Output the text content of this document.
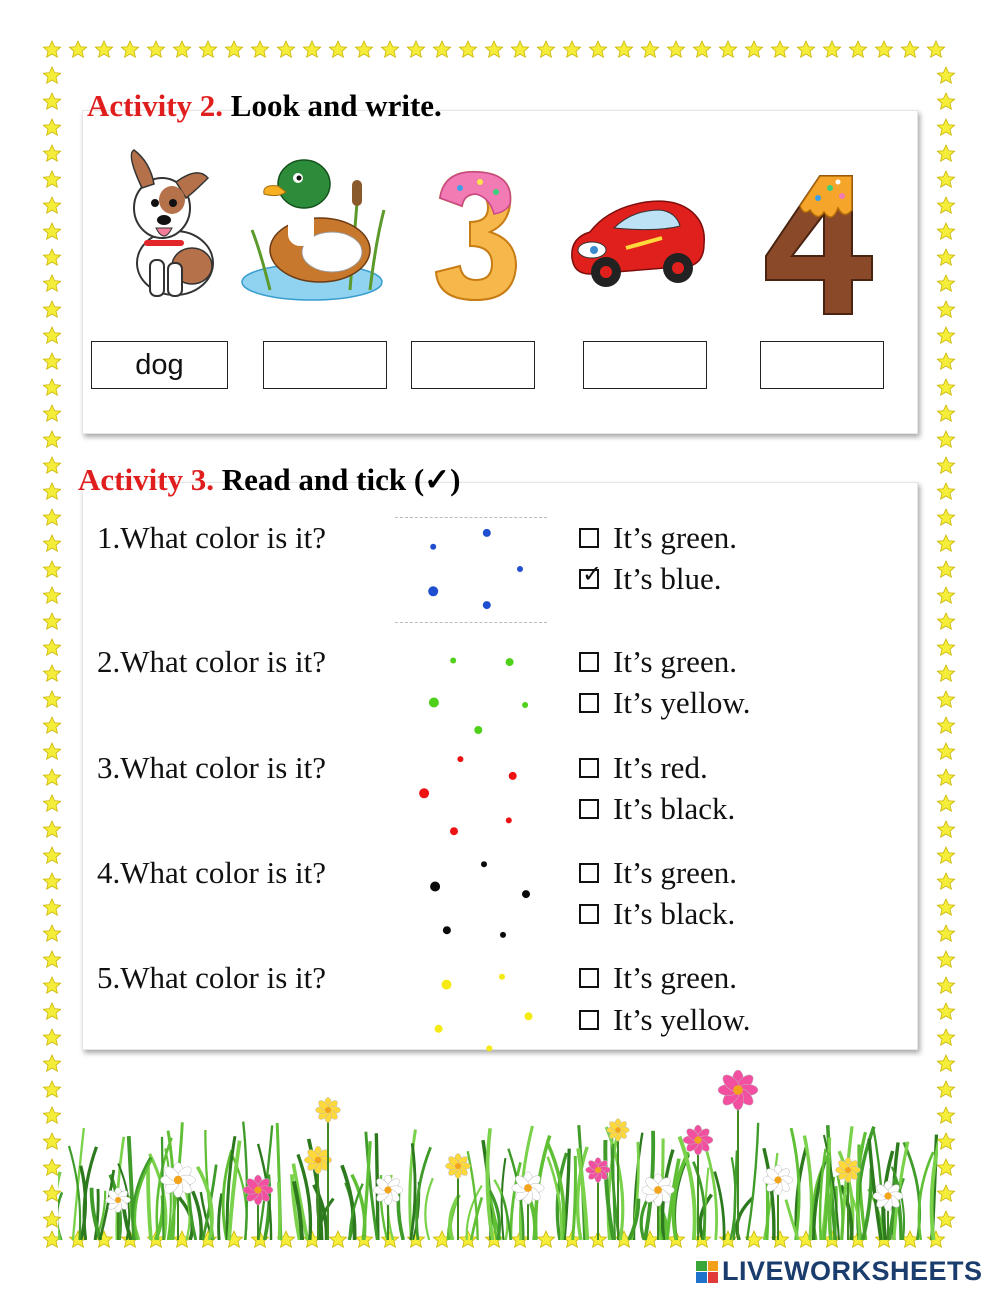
Activity 2. Look and write.
dog
Activity 3. Read and tick (✓)
1.What color is it?	It’s green.
✓ It’s blue.
2.What color is it?	It’s green.
It’s yellow.
3.What color is it?	It’s red.
It’s black.
4.What color is it?	It’s green.
It’s black.
5.What color is it?	It’s green.
It’s yellow.
LIVEWORKSHEETS
